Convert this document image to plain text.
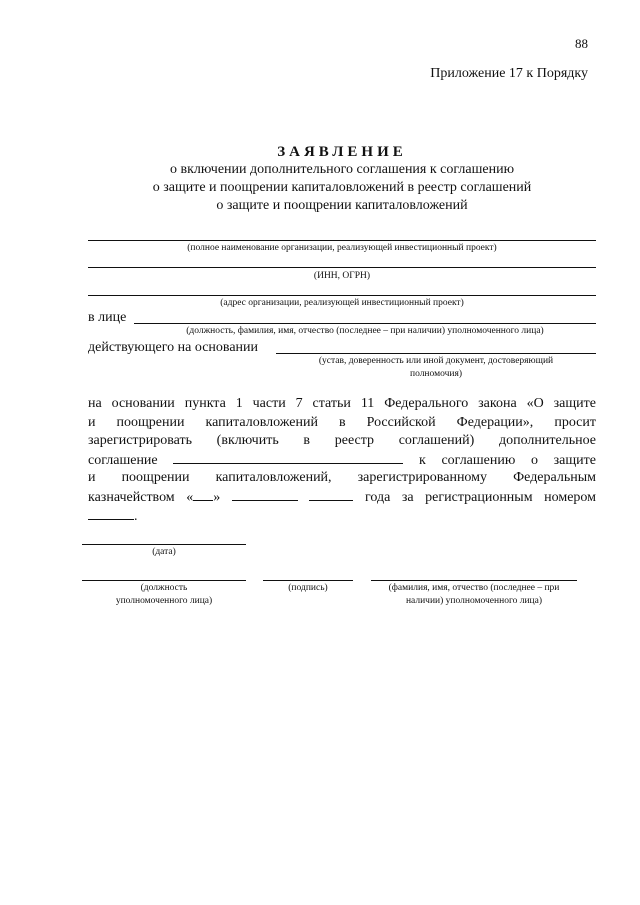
88
Приложение 17 к Порядку
ЗАЯВЛЕНИЕ
о включении дополнительного соглашения к соглашению
о защите и поощрении капиталовложений в реестр соглашений
о защите и поощрении капиталовложений
(полное наименование организации, реализующей инвестиционный проект)
(ИНН, ОГРН)
(адрес организации, реализующей инвестиционный проект)
в лице
(должность, фамилия, имя, отчество (последнее – при наличии) уполномоченного лица)
действующего на основании
(устав, доверенность или иной документ, достоверяющий
полномочия)
на основании пункта 1 части 7 статьи 11 Федерального закона «О защите
и поощрении капиталовложений в Российской Федерации», просит
зарегистрировать (включить в реестр соглашений) дополнительное
соглашение	к соглашению о защите
и поощрении капиталовложений, зарегистрированному Федеральным
казначейством « »	года за регистрационным номером
.
(дата)
(должность
уполномоченного лица)
(подпись)	(фамилия, имя, отчество (последнее – при
наличии) уполномоченного лица)
